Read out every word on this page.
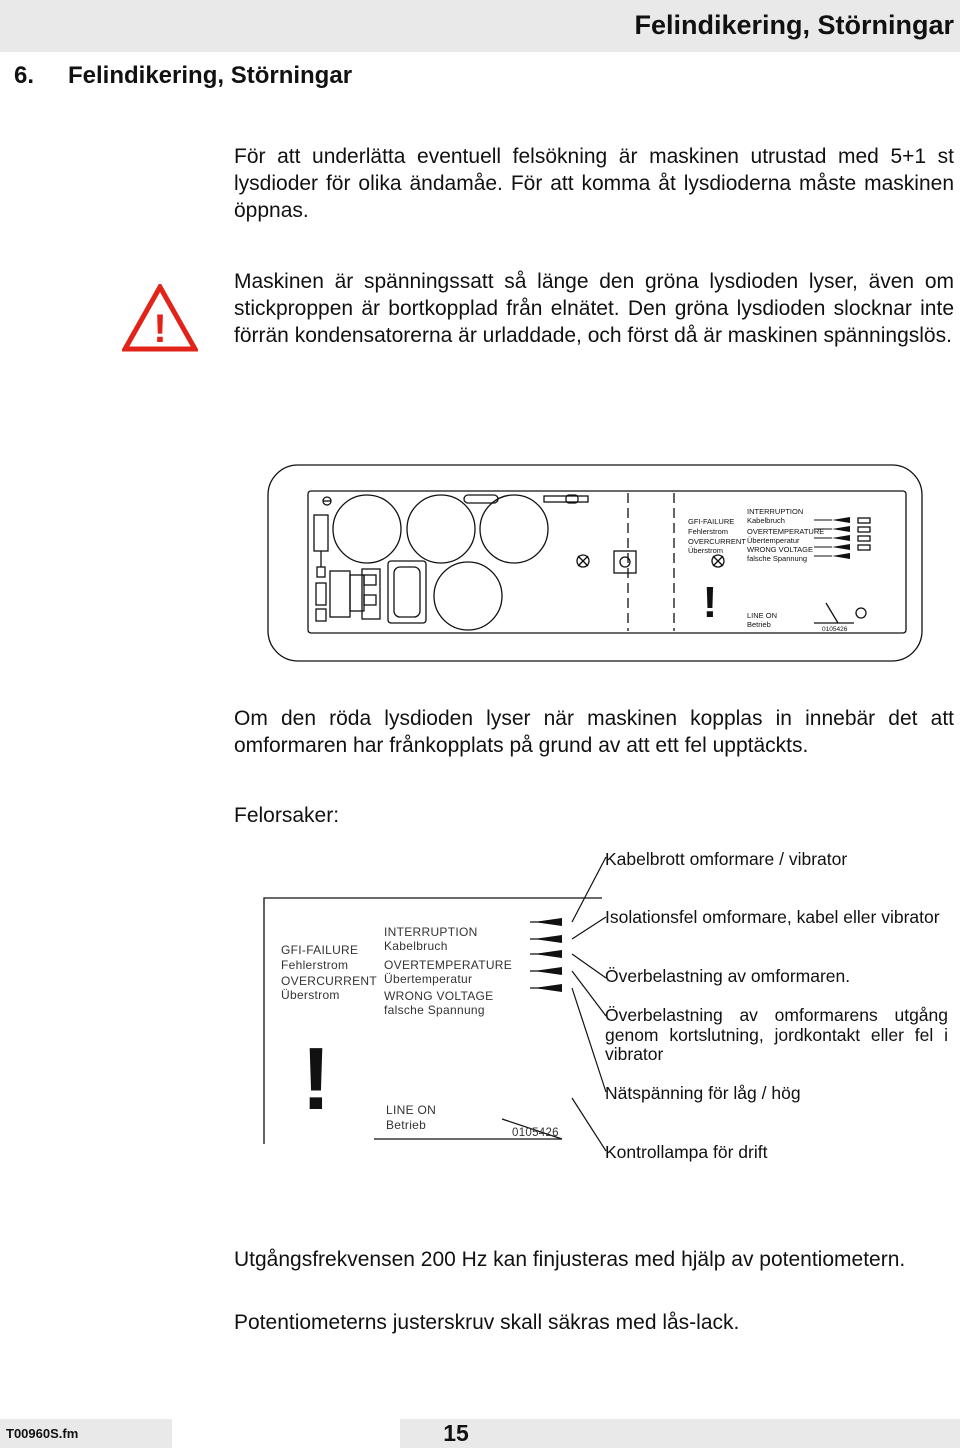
Felindikering, Störningar
6. Felindikering, Störningar

För att underlätta eventuell felsökning är maskinen utrustad med 5+1 st lysdioder för olika ändamåe. För att komma åt lysdioderna måste maskinen öppnas.

!

Maskinen är spänningssatt så länge den gröna lysdioden lyser, även om stickproppen är bortkopplad från elnätet. Den gröna lysdioden slocknar inte förrän kondensatorerna är urladdade, och först då är maskinen spänningslös.

GFI-FAILURE
Fehlerstrom
OVERCURRENT
Überstrom
INTERRUPTION
Kabelbruch
OVERTEMPERATURE
Übertemperatur
WRONG VOLTAGE
falsche Spannung
LINE ON
Betrieb
0105426
!

Om den röda lysdioden lyser när maskinen kopplas in innebär det att omformaren har frånkopplats på grund av att ett fel upptäckts.

Felorsaker:

GFI-FAILURE
Fehlerstrom
OVERCURRENT
Überstrom
INTERRUPTION
Kabelbruch
OVERTEMPERATURE
Übertemperatur
WRONG VOLTAGE
falsche Spannung
LINE ON
Betrieb
0105426
!

Kabelbrott omformare / vibrator

Isolationsfel omformare, kabel eller vibrator

Överbelastning av omformaren.

Överbelastning av omformarens utgång genom kortslutning, jordkontakt eller fel i vibrator

Nätspänning för låg / hög

Kontrollampa för drift

Utgångsfrekvensen 200 Hz kan finjusteras med hjälp av potentiometern.

Potentiometerns justerskruv skall säkras med lås-lack.

T00960S.fm	15
